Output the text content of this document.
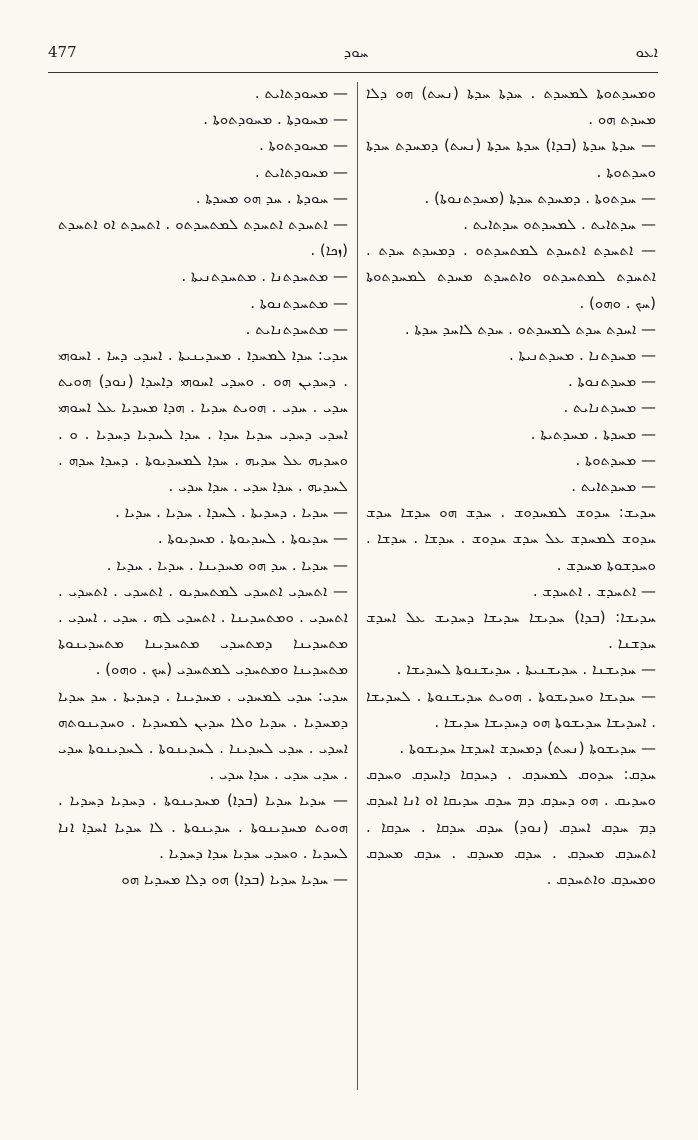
477	ܚܘܕ	ܐܥܘ

— ܡܚܘܕܬܐܝܬ .

— ܡܚܘܕܬܐ . ܡܚܘܕܬܘܬܐ .

— ܡܚܘܕܬܘܬܐ .

— ܡܚܘܕܬܐܝܬ .

— ܚܘܕܬܐ . ܚܕ ܗܘ ܡܚܕܬܐ .

— ܐܬܚܕܬ ܐܬܚܕܬ ܠܡܬܚܕܬܘ . ܐܬܚܕܬ ܐܘ ܐܬܚܕܬ (ܙܟܐ) .

— ܡܬܚܕܬܢܐ . ܡܬܚܕܬܢܝܬܐ .

— ܡܬܚܕܬܢܘܬܐ .

— ܡܬܚܕܬܢܐܝܬ .

ܚܕܝ: ܚܕܐ ܠܡܚܕܐ . ܡܚܕܝܢܝܬܐ . ܐܚܕܝ ܕܚܐ . ܐܚܘܗܝ . ܕܚܕܝܢ ܗܘ . ܘܚܕܝ ܐܚܘܗܝ ܕܐܚܕܐ (ܢܘܕ) ܗܘܝܬ ܚܕܝ . ܚܕܝ . ܗܘܝܬ ܚܕܝܐ . ܗܕܐ ܡܚܕܝܐ ܥܠ ܐܚܘܗܝ ܐܚܕܝ ܕܚܕܝ ܚܕܝܐ ܚܕܐ . ܚܕܐ ܠܚܕܝܐ ܕܚܕܝܐ . ܘ . ܘܚܕܝܗ ܥܠ ܚܕܝܗ . ܚܕܐ ܠܡܚܕܝܘܬܐ . ܕܚܕܐ ܚܕܗ . ܠܚܕܝܗ . ܚܕܐ ܚܕܝ . ܚܕܐ ܚܕܝ .

— ܚܕܝܐ . ܕܚܕܝܬܐ . ܠܚܕܐ . ܚܕܝܐ . ܚܕܝܐ .

— ܚܕܝܘܬܐ . ܠܚܕܝܘܬܐ . ܡܚܕܝܘܬܐ .

— ܚܕܝܐ . ܚܕ ܗܘ ܡܚܕܝܢܐ . ܚܕܝܐ . ܚܕܝܐ .

— ܐܬܚܕܝ ܐܬܚܕܝ ܠܡܬܚܕܝܘ . ܐܬܚܕܝ . ܐܬܚܕܝ . ܐܬܚܕܝ . ܘܡܬܚܕܝܢܐ . ܐܬܚܕܝ ܠܗ . ܚܕܝ . ܐܚܕܝ . ܡܬܚܕܝܢܐ ܕܡܬܚܕܝ ܡܬܚܕܝܢܐ ܡܬܚܕܝܢܘܬܐ ܡܬܚܕܝܢܐ ܘܡܬܚܕܝ ܠܡܬܚܕܝ (ܚܟ . ܘܗܘ) .

ܚܕܝ: ܚܕܝ ܠܡܚܕܝ . ܡܚܕܝܢܐ . ܕܚܕܝܬܐ . ܚܕ ܚܕܝܐ ܕܡܚܕܝܐ . ܚܕܝܐ ܘܠܐ ܚܕܝܢ ܠܡܚܕܝܐ . ܘܚܕܝܢܘܬܗ ܐܚܕܝ . ܚܕܝ ܠܚܕܝܢܐ . ܠܚܕܝܢܘܬܐ . ܠܚܕܝܢܘܬܐ ܚܕܝ . ܚܕܝ ܚܕܝ . ܚܕܐ ܚܕܝ .

— ܚܕܝܐ ܚܕܝܐ (ܒܕܐ) ܡܚܕܝܢܘܬܐ . ܕܚܕܝܐ ܕܚܕܝܐ . ܗܘܝܬ ܡܚܕܝܢܘܬܐ . ܚܕܝܢܘܬܐ . ܠܐ ܚܕܝܐ ܐܚܕܐ ܐܢܐ ܠܚܕܝܐ . ܘܚܕܝ ܚܕܝܐ ܚܕܐ ܕܚܕܝܐ .

— ܚܕܝܐ ܚܕܝܐ (ܒܕܐ) ܗܘ ܕܠܐ ܡܚܕܝܐ ܗܘ

ܘܡܚܕܬܘܬܐ ܠܡܚܕܬ . ܚܕܬܐ ܚܕܬܐ (ܢܚܬ) ܗܘ ܕܠܐ ܡܚܕܬ ܗܘ .

— ܚܕܬܐ ܚܕܬܐ (ܒܕܐ) ܚܕܬܐ ܚܕܬܐ (ܢܚܬ) ܕܡܚܕܬ ܚܕܬܐ ܘܚܕܬܘܬܐ .

— ܚܕܬܘܬܐ . ܕܡܚܕܬ ܚܕܬܐ (ܡܚܕܬܢܘܬܐ) .

— ܚܕܬܐܝܬ . ܠܡܚܕܬܘ ܚܕܬܐܝܬ .

— ܐܬܚܕܬ ܐܬܚܕܬ ܠܡܬܚܕܬܘ . ܕܡܚܕܬ ܚܕܬ . ܐܬܚܕܬ ܠܡܬܚܕܬܘ ܘܐܬܚܕܬ ܡܚܕܬ ܠܡܚܕܬܘܬܐ (ܚܟ . ܘܗܘ) .

— ܐܚܕܬ ܚܕܬ ܠܡܚܕܬܘ . ܚܕܬ ܠܐܚܕ ܚܕܬܐ .

— ܡܚܕܬܢܐ . ܡܚܕܬܢܝܬܐ .

— ܡܚܕܬܢܘܬܐ .

— ܡܚܕܬܢܐܝܬ .

— ܡܚܕܬܐ . ܡܚܕܬܝܬܐ .

— ܡܚܕܬܘܬܐ .

— ܡܚܕܬܐܝܬ .

ܚܕܝܫ: ܚܕܘܫ ܠܡܚܕܘܫ . ܚܕܫ ܗܘ ܚܕܫܐ ܚܕܫ ܚܕܘܫ ܠܡܚܕܫ ܥܠ ܚܕܫ ܚܕܘܫ . ܚܕܫܐ . ܚܕܫܐ . ܘܚܕܫܘܬܐ ܡܚܕܫ .

— ܐܬܚܕܫ . ܐܬܚܕܫ .

ܚܕܝܫܐ: (ܒܕܐ) ܚܕܝܫܐ ܚܕܝܫܐ ܕܚܕܝܫ ܥܠ ܐܚܕܫ ܚܕܫܢܐ .

— ܚܕܝܫܢܐ . ܚܕܝܫܢܝܬܐ . ܚܕܝܫܢܘܬܐ ܠܚܕܝܫܐ .

— ܚܕܝܫܐ ܘܚܕܝܫܘܬܐ . ܗܘܝܬ ܚܕܝܫܢܘܬܐ . ܠܚܕܝܫܐ . ܐܚܕܝܫܐ ܚܕܝܫܘܬܐ ܗܘ ܕܚܕܝܫܐ ܚܕܝܫܐ .

— ܚܕܝܫܘܬܐ (ܢܚܬ) ܕܡܚܕܫ ܐܚܕܫܐ ܚܕܝܫܘܬܐ .

ܚܕܩ: ܚܕܘܩ ܠܡܚܕܩ . ܕܚܕܩܐ ܕܐܚܕܩ ܘܚܕܩ ܘܚܕܝܩ . ܗܘ ܕܚܕܩ ܕܡ ܚܕܩ ܚܕܝܩܐ ܐܘ ܐܢܐ ܐܚܕܩ ܕܡ ܚܕܩ ܐܚܕܩ (ܢܘܕ) ܚܕܩ ܚܕܩܐ . ܚܕܩܐ . ܐܬܚܕܩ ܡܚܕܩ . ܚܕܩ ܡܚܕܩ . ܚܕܩ ܡܚܕܩ ܘܡܚܕܩ ܘܐܬܚܕܩ .
